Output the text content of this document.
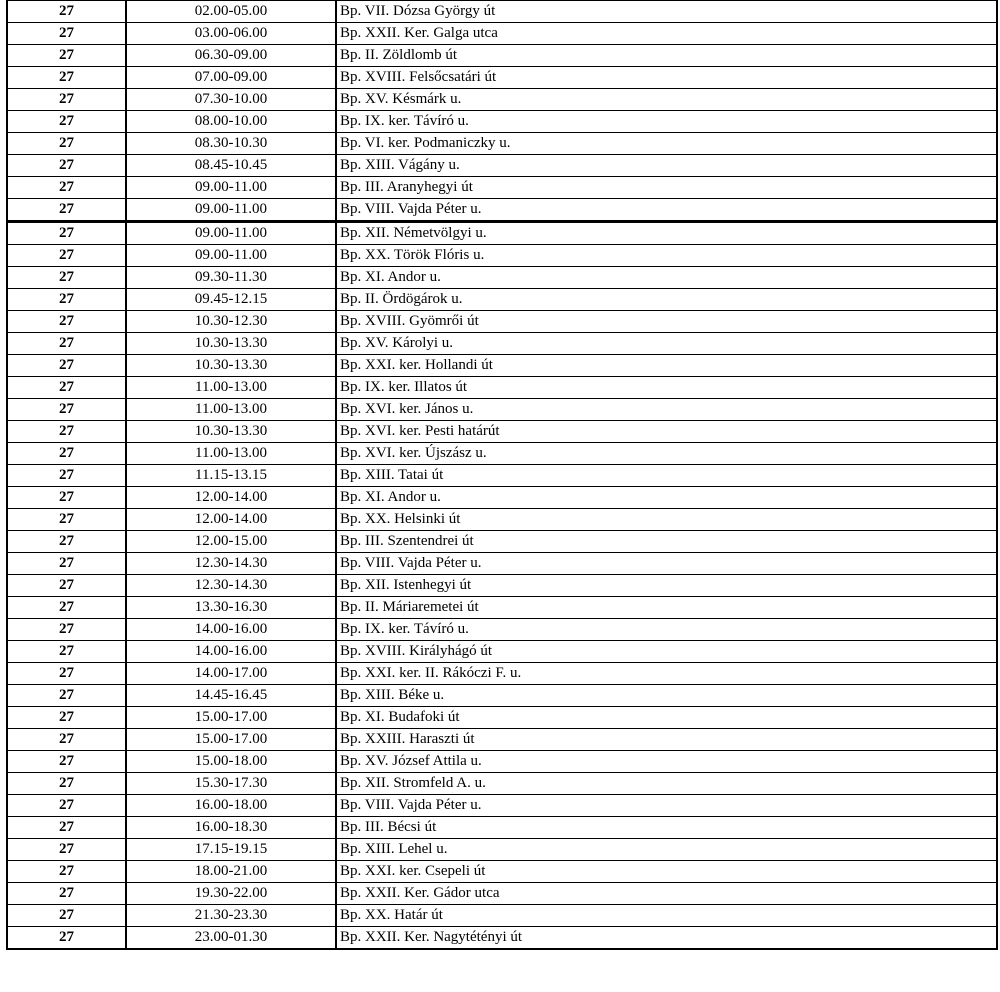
27	02.00-05.00	Bp. VII. Dózsa György út
27	03.00-06.00	Bp. XXII. Ker. Galga utca
27	06.30-09.00	Bp. II. Zöldlomb út
27	07.00-09.00	Bp. XVIII. Felsőcsatári út
27	07.30-10.00	Bp. XV. Késmárk u.
27	08.00-10.00	Bp. IX. ker. Távíró u.
27	08.30-10.30	Bp. VI. ker. Podmaniczky u.
27	08.45-10.45	Bp. XIII. Vágány u.
27	09.00-11.00	Bp. III. Aranyhegyi út
27	09.00-11.00	Bp. VIII. Vajda Péter u.
27	09.00-11.00	Bp. XII. Németvölgyi u.
27	09.00-11.00	Bp. XX. Török Flóris u.
27	09.30-11.30	Bp. XI. Andor u.
27	09.45-12.15	Bp. II. Ördögárok u.
27	10.30-12.30	Bp. XVIII. Gyömrői út
27	10.30-13.30	Bp. XV. Károlyi u.
27	10.30-13.30	Bp. XXI. ker. Hollandi út
27	11.00-13.00	Bp. IX. ker. Illatos út
27	11.00-13.00	Bp. XVI. ker. János u.
27	10.30-13.30	Bp. XVI. ker. Pesti határút
27	11.00-13.00	Bp. XVI. ker. Újszász u.
27	11.15-13.15	Bp. XIII. Tatai út
27	12.00-14.00	Bp. XI. Andor u.
27	12.00-14.00	Bp. XX. Helsinki út
27	12.00-15.00	Bp. III. Szentendrei út
27	12.30-14.30	Bp. VIII. Vajda Péter u.
27	12.30-14.30	Bp. XII. Istenhegyi út
27	13.30-16.30	Bp. II. Máriaremetei út
27	14.00-16.00	Bp. IX. ker. Távíró u.
27	14.00-16.00	Bp. XVIII. Királyhágó út
27	14.00-17.00	Bp. XXI. ker. II. Rákóczi F. u.
27	14.45-16.45	Bp. XIII. Béke u.
27	15.00-17.00	Bp. XI. Budafoki út
27	15.00-17.00	Bp. XXIII. Haraszti út
27	15.00-18.00	Bp. XV. József Attila u.
27	15.30-17.30	Bp. XII. Stromfeld A. u.
27	16.00-18.00	Bp. VIII. Vajda Péter u.
27	16.00-18.30	Bp. III. Bécsi út
27	17.15-19.15	Bp. XIII. Lehel u.
27	18.00-21.00	Bp. XXI. ker. Csepeli út
27	19.30-22.00	Bp. XXII. Ker. Gádor utca
27	21.30-23.30	Bp. XX. Határ út
27	23.00-01.30	Bp. XXII. Ker. Nagytétényi út
